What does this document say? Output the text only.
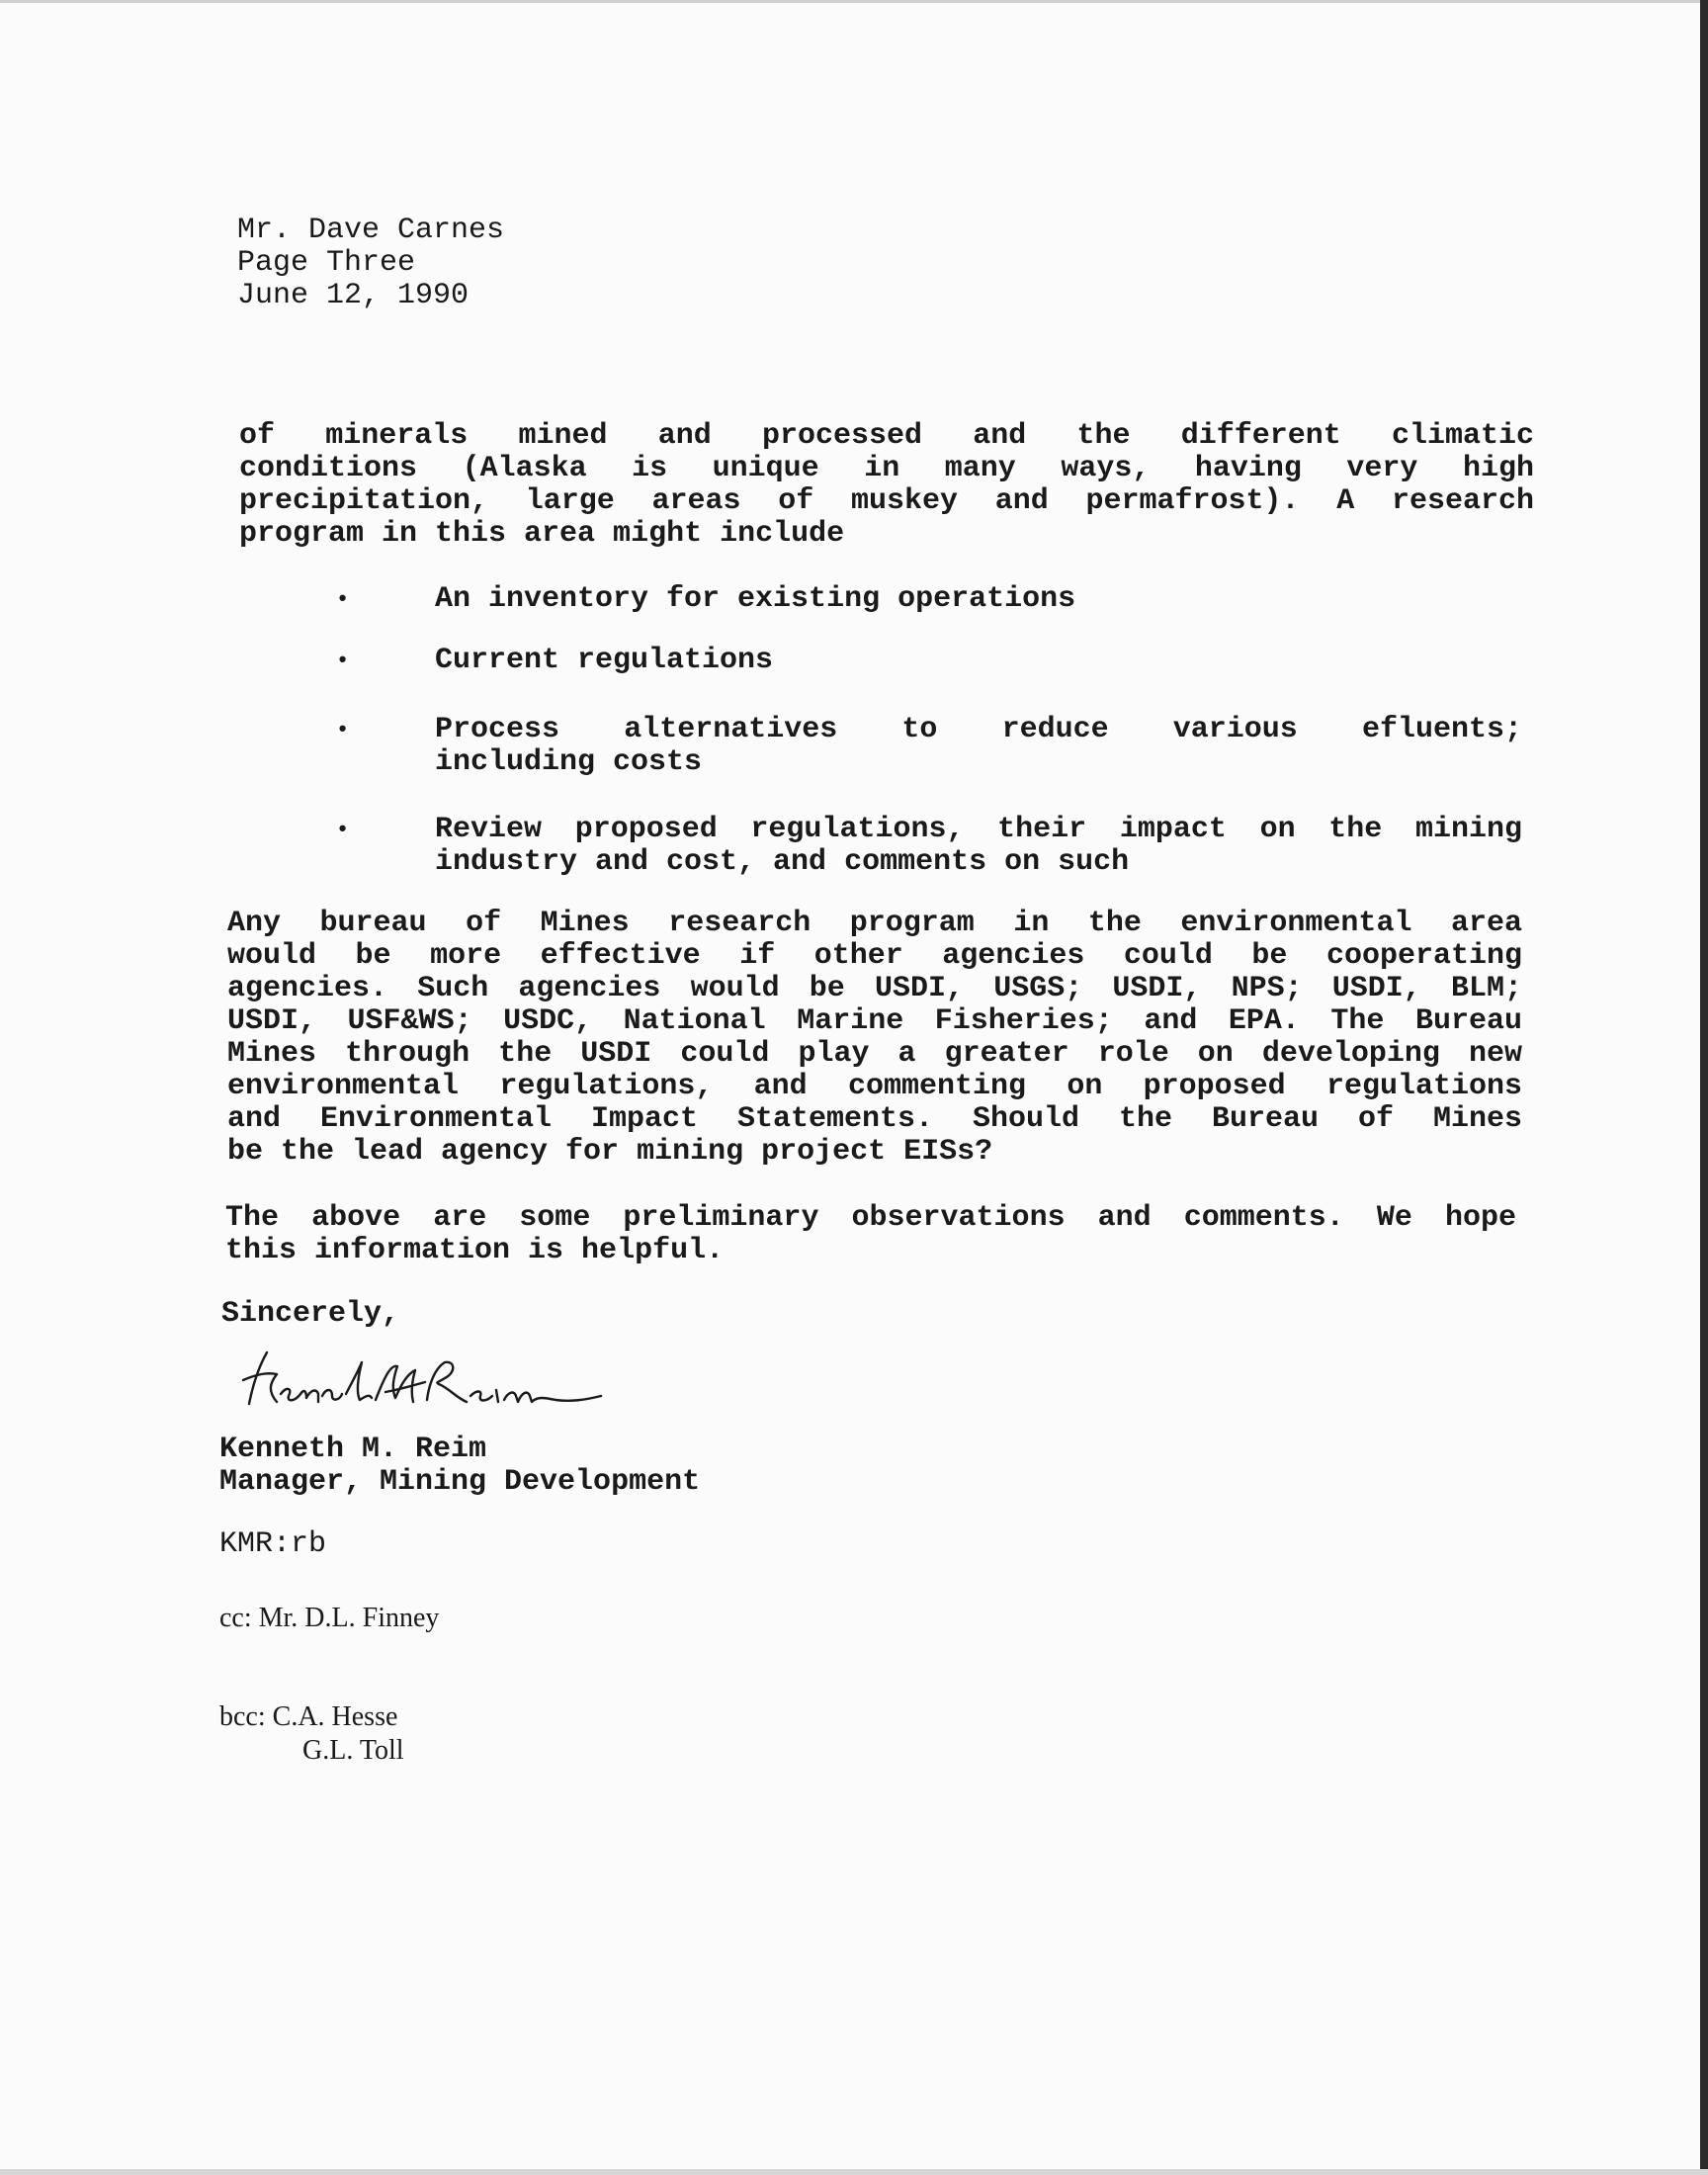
Mr. Dave Carnes
Page Three
June 12, 1990
of minerals mined and processed and the different climatic
conditions (Alaska is unique in many ways, having very high
precipitation, large areas of muskey and permafrost). A research
program in this area might include
•	An inventory for existing operations
•	Current regulations
•	Process alternatives to reduce various efluents;
including costs
•	Review proposed regulations, their impact on the mining
industry and cost, and comments on such
Any bureau of Mines research program in the environmental area
would be more effective if other agencies could be cooperating
agencies. Such agencies would be USDI, USGS; USDI, NPS; USDI, BLM;
USDI, USF&WS; USDC, National Marine Fisheries; and EPA. The Bureau
Mines through the USDI could play a greater role on developing new
environmental regulations, and commenting on proposed regulations
and Environmental Impact Statements. Should the Bureau of Mines
be the lead agency for mining project EISs?
The above are some preliminary observations and comments. We hope
this information is helpful.
Sincerely,
Kenneth M. Reim
Manager, Mining Development
KMR:rb
cc: Mr. D.L. Finney
bcc: C.A. Hesse
G.L. Toll
